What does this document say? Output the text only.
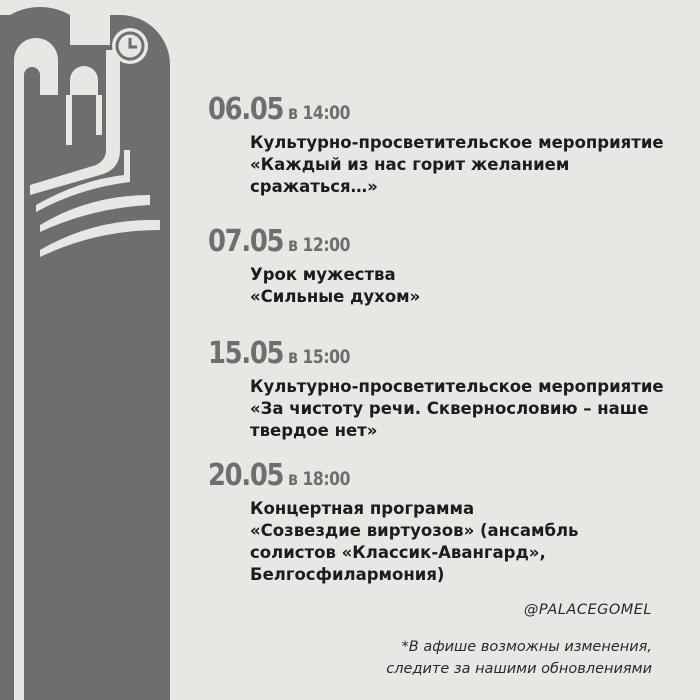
06.05 в 14:00
Культурно-просветительское мероприятие
«Каждый из нас горит желанием
сражаться…»
07.05 в 12:00
Урок мужества
«Сильные духом»
15.05 в 15:00
Культурно-просветительское мероприятие
«За чистоту речи. Сквернословию – наше
твердое нет»
20.05 в 18:00
Концертная программа
«Созвездие виртуозов» (ансамбль
солистов «Классик-Авангард»,
Белгосфилармония)
@PALACEGOMEL
*В афише возможны изменения,
следите за нашими обновлениями
